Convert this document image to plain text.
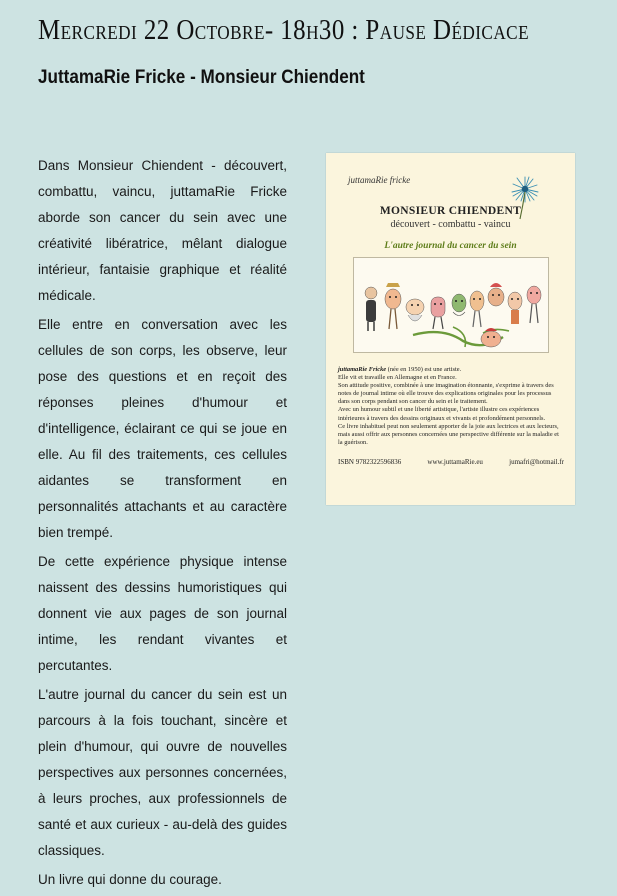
Mercredi 22 Octobre- 18h30 : Pause Dédicace
JuttamaRie Fricke - Monsieur Chiendent

Dans Monsieur Chiendent - découvert, combattu, vaincu, juttamaRie Fricke aborde son cancer du sein avec une créativité libératrice, mêlant dialogue intérieur, fantaisie graphique et réalité médicale.

Elle entre en conversation avec les cellules de son corps, les observe, leur pose des questions et en reçoit des réponses pleines d'humour et d'intelligence, éclairant ce qui se joue en elle. Au fil des traitements, ces cellules aidantes se transforment en personnalités attachants et au caractère bien trempé.

De cette expérience physique intense naissent des dessins humoristiques qui donnent vie aux pages de son journal intime, les rendant vivantes et percutantes.

L'autre journal du cancer du sein est un parcours à la fois touchant, sincère et plein d'humour, qui ouvre de nouvelles perspectives aux personnes concernées, à leurs proches, aux professionnels de santé et aux curieux - au-delà des guides classiques.

Un livre qui donne du courage.

juttamaRie fricke
MONSIEUR CHIENDENT
découvert - combattu - vaincu
L'autre journal du cancer du sein

juttamaRie Fricke (née en 1950) est une artiste.

Elle vit et travaille en Allemagne et en France.

Son attitude positive, combinée à une imagination étonnante, s'exprime à travers des notes de journal intime où elle trouve des explications originales pour les processus dans son corps pendant son cancer du sein et le traitement.

Avec un humour subtil et une liberté artistique, l'artiste illustre ces expériences intérieures à travers des dessins originaux et vivants et profondément personnels.

Ce livre inhabituel peut non seulement apporter de la joie aux lectrices et aux lecteurs, mais aussi offrir aux personnes concernées une perspective différente sur la maladie et la guérison.

ISBN 9782322596836	www.juttamaRie.eu	jumafri@hotmail.fr
